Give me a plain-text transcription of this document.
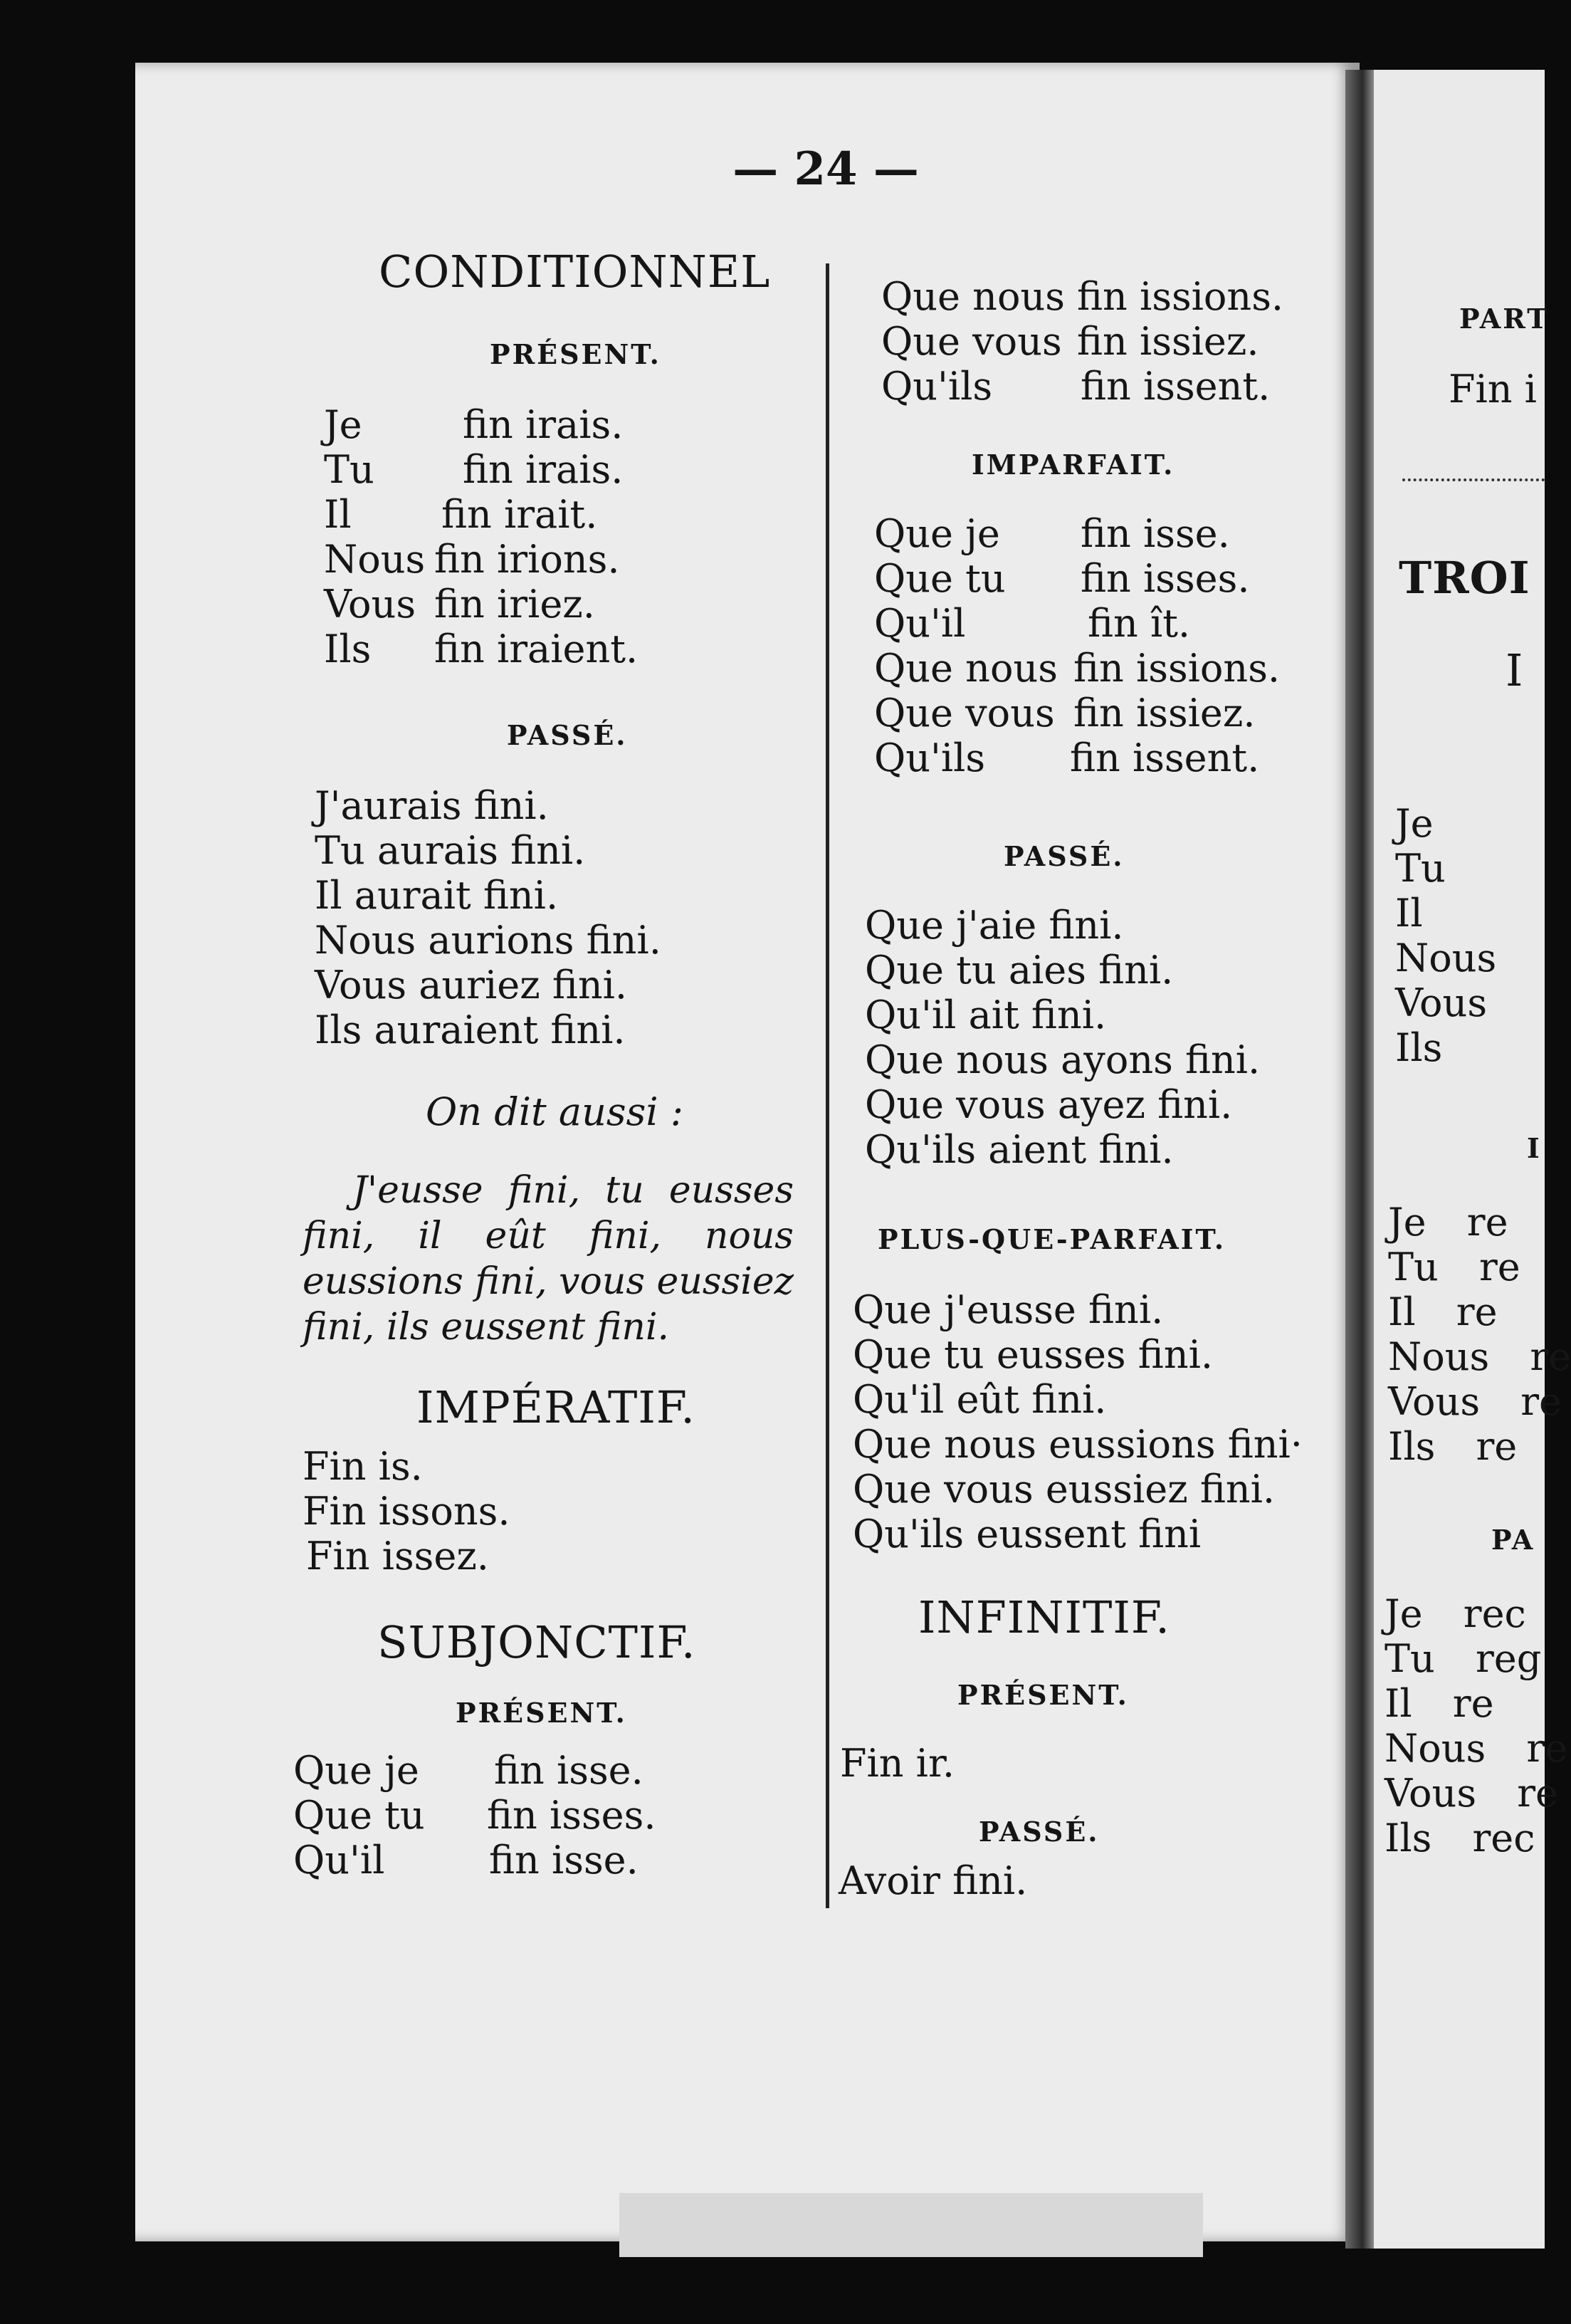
— 24 —
CONDITIONNEL
PRÉSENT.
Je	fin irais.
Tu fin irais.
Il fin irait.
Nous fin irions.
Vous fin iriez.
Ils fin iraient.
PASSÉ.
J'aurais fini.
Tu aurais fini.
Il aurait fini.
Nous aurions fini.
Vous auriez fini.
Ils auraient fini.
On dit aussi :
J'eusse fini, tu eusses fini, il eût fini, nous eussions fini, vous eussiez fini, ils eussent fini.
IMPÉRATIF.
Fin is.
Fin issons.
Fin issez.
SUBJONCTIF.
PRÉSENT.
Que je fin isse.
Que tu fin isses.
Qu'il	fin isse.
Que nous fin issions.
Que vous fin issiez.
Qu'ils fin issent.
IMPARFAIT.
Que je fin isse.
Que tu fin isses.
Qu'il	fin ît.
Que nous fin issions.
Que vous fin issiez.
Qu'ils fin issent.
PASSÉ.
Que j'aie fini.
Que tu aies fini.
Qu'il ait fini.
Que nous ayons fini.
Que vous ayez fini.
Qu'ils aient fini.
PLUS-QUE-PARFAIT.
Que j'eusse fini.
Que tu eusses fini.
Qu'il eût fini.
Que nous eussions fini·
Que vous eussiez fini.
Qu'ils eussent fini
INFINITIF.
PRÉSENT.
Fin ir.
PASSÉ.
Avoir fini.
PART
Fin i
TROI
I
Je
Tu
Il
Nous
Vous
Ils
I
Je re
Tu re
Il re
Nous re
Vous re
Ils re
PA
Je rec
Tu reg
Il re
Nous re
Vous re
Ils rec
